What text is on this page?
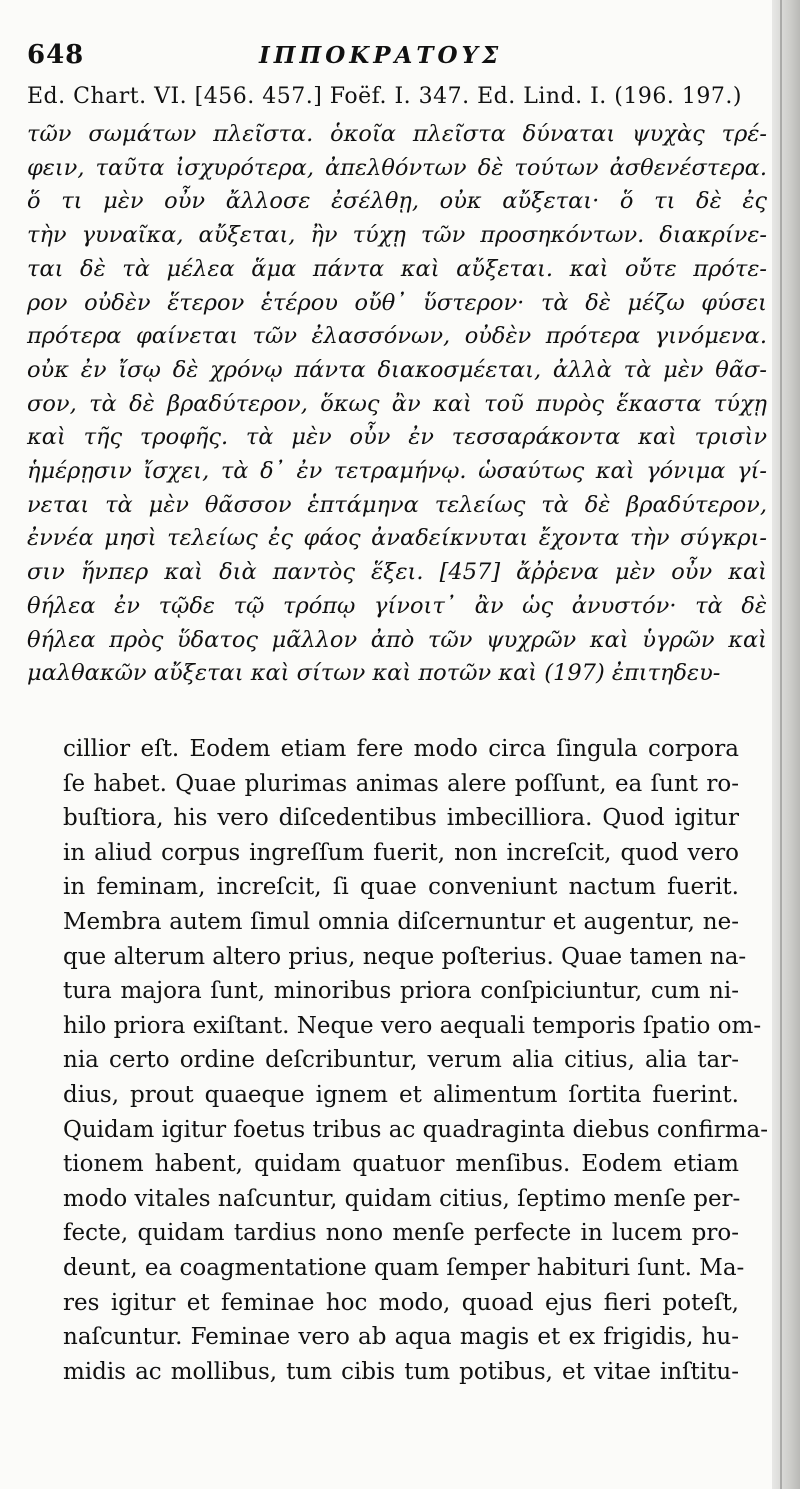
648	ΙΠΠΟΚΡΑΤΟΥΣ
Ed. Chart. VI. [456. 457.] Foëf. I. 347. Ed. Lind. I. (196. 197.)
τῶν σωμάτων πλεῖστα. ὁκοῖα πλεῖστα δύναται ψυχὰς τρέ-
φειν, ταῦτα ἰσχυρότερα, ἀπελθόντων δὲ τούτων ἀσθενέστερα.
ὅ τι μὲν οὖν ἄλλοσε ἐσέλθῃ, οὐκ αὔξεται· ὅ τι δὲ ἐς
τὴν γυναῖκα, αὔξεται, ἢν τύχῃ τῶν προσηκόντων. διακρίνε-
ται δὲ τὰ μέλεα ἅμα πάντα καὶ αὔξεται. καὶ οὔτε πρότε-
ρον οὐδὲν ἕτερον ἑτέρου οὔθ᾽ ὕστερον· τὰ δὲ μέζω φύσει
πρότερα φαίνεται τῶν ἐλασσόνων, οὐδὲν πρότερα γινόμενα.
οὐκ ἐν ἴσῳ δὲ χρόνῳ πάντα διακοσμέεται, ἀλλὰ τὰ μὲν θᾶσ-
σον, τὰ δὲ βραδύτερον, ὅκως ἂν καὶ τοῦ πυρὸς ἕκαστα τύχῃ
καὶ τῆς τροφῆς. τὰ μὲν οὖν ἐν τεσσαράκοντα καὶ τρισὶν
ἡμέρῃσιν ἴσχει, τὰ δ᾽ ἐν τετραμήνῳ. ὡσαύτως καὶ γόνιμα γί-
νεται τὰ μὲν θᾶσσον ἑπτάμηνα τελείως τὰ δὲ βραδύτερον,
ἐννέα μησὶ τελείως ἐς φάος ἀναδείκνυται ἔχοντα τὴν σύγκρι-
σιν ἥνπερ καὶ διὰ παντὸς ἕξει. [457] ἄῤῥενα μὲν οὖν καὶ
θήλεα ἐν τῷδε τῷ τρόπῳ γίνοιτ᾽ ἂν ὡς ἀνυστόν· τὰ δὲ
θήλεα πρὸς ὕδατος μᾶλλον ἀπὸ τῶν ψυχρῶν καὶ ὑγρῶν καὶ
μαλθακῶν αὔξεται καὶ σίτων καὶ ποτῶν καὶ (197) ἐπιτηδευ-
cillior eſt. Eodem etiam fere modo circa ſingula corpora
ſe habet. Quae plurimas animas alere poſſunt, ea ſunt ro-
buſtiora, his vero diſcedentibus imbecilliora. Quod igitur
in aliud corpus ingreſſum fuerit, non increſcit, quod vero
in feminam, increſcit, ſi quae conveniunt nactum fuerit.
Membra autem ſimul omnia diſcernuntur et augentur, ne-
que alterum altero prius, neque poſterius. Quae tamen na-
tura majora ſunt, minoribus priora conſpiciuntur, cum ni-
hilo priora exiſtant. Neque vero aequali temporis ſpatio om-
nia certo ordine deſcribuntur, verum alia citius, alia tar-
dius, prout quaeque ignem et alimentum ſortita fuerint.
Quidam igitur foetus tribus ac quadraginta diebus confirma-
tionem habent, quidam quatuor menſibus. Eodem etiam
modo vitales naſcuntur, quidam citius, ſeptimo menſe per-
fecte, quidam tardius nono menſe perfecte in lucem pro-
deunt, ea coagmentatione quam ſemper habituri ſunt. Ma-
res igitur et feminae hoc modo, quoad ejus fieri poteſt,
naſcuntur. Feminae vero ab aqua magis et ex frigidis, hu-
midis ac mollibus, tum cibis tum potibus, et vitae inſtitu-
